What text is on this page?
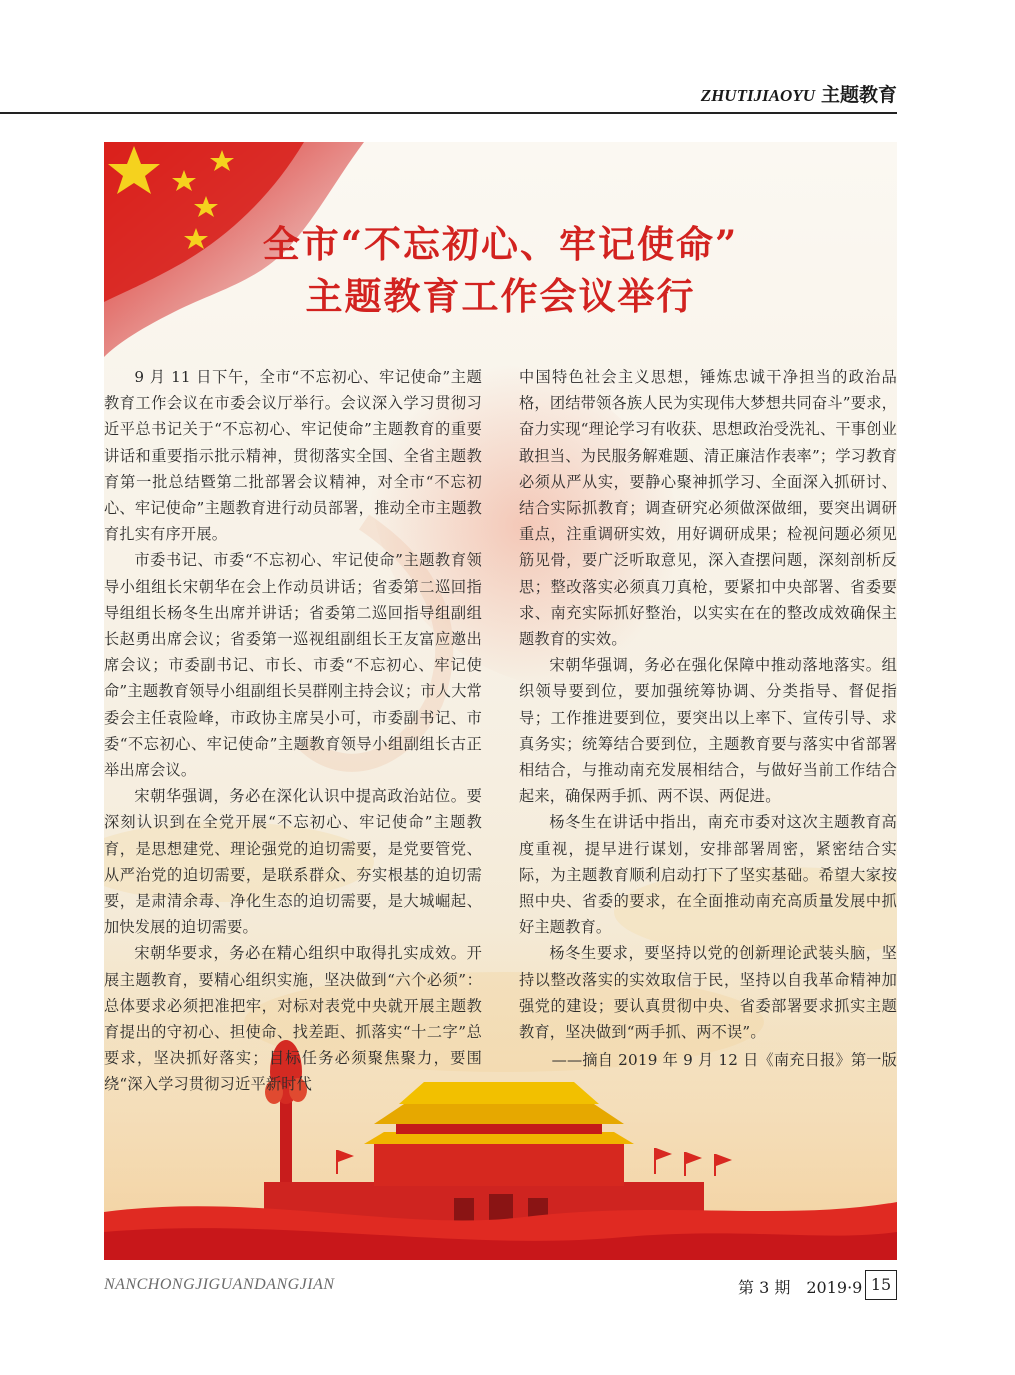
ZHUTIJIAOYU 主题教育
全市“不忘初心、牢记使命”
主题教育工作会议举行

9 月 11 日下午，全市“不忘初心、牢记使命”主题教育工作会议在市委会议厅举行。会议深入学习贯彻习近平总书记关于“不忘初心、牢记使命”主题教育的重要讲话和重要指示批示精神，贯彻落实全国、全省主题教育第一批总结暨第二批部署会议精神，对全市“不忘初心、牢记使命”主题教育进行动员部署，推动全市主题教育扎实有序开展。

市委书记、市委“不忘初心、牢记使命”主题教育领导小组组长宋朝华在会上作动员讲话；省委第二巡回指导组组长杨冬生出席并讲话；省委第二巡回指导组副组长赵勇出席会议；省委第一巡视组副组长王友富应邀出席会议；市委副书记、市长、市委“不忘初心、牢记使命”主题教育领导小组副组长吴群刚主持会议；市人大常委会主任袁险峰，市政协主席吴小可，市委副书记、市委“不忘初心、牢记使命”主题教育领导小组副组长古正举出席会议。

宋朝华强调，务必在深化认识中提高政治站位。要深刻认识到在全党开展“不忘初心、牢记使命”主题教育，是思想建党、理论强党的迫切需要，是党要管党、从严治党的迫切需要，是联系群众、夯实根基的迫切需要，是肃清余毒、净化生态的迫切需要，是大城崛起、加快发展的迫切需要。

宋朝华要求，务必在精心组织中取得扎实成效。开展主题教育，要精心组织实施，坚决做到“六个必须”：总体要求必须把准把牢，对标对表党中央就开展主题教育提出的守初心、担使命、找差距、抓落实“十二字”总要求，坚决抓好落实；目标任务必须聚焦聚力，要围绕“深入学习贯彻习近平新时代

中国特色社会主义思想，锤炼忠诚干净担当的政治品格，团结带领各族人民为实现伟大梦想共同奋斗”要求，奋力实现“理论学习有收获、思想政治受洗礼、干事创业敢担当、为民服务解难题、清正廉洁作表率”；学习教育必须从严从实，要静心聚神抓学习、全面深入抓研讨、结合实际抓教育；调查研究必须做深做细，要突出调研重点，注重调研实效，用好调研成果；检视问题必须见筋见骨，要广泛听取意见，深入查摆问题，深刻剖析反思；整改落实必须真刀真枪，要紧扣中央部署、省委要求、南充实际抓好整治，以实实在在的整改成效确保主题教育的实效。

宋朝华强调，务必在强化保障中推动落地落实。组织领导要到位，要加强统筹协调、分类指导、督促指导；工作推进要到位，要突出以上率下、宣传引导、求真务实；统筹结合要到位，主题教育要与落实中省部署相结合，与推动南充发展相结合，与做好当前工作结合起来，确保两手抓、两不误、两促进。

杨冬生在讲话中指出，南充市委对这次主题教育高度重视，提早进行谋划，安排部署周密，紧密结合实际，为主题教育顺利启动打下了坚实基础。希望大家按照中央、省委的要求，在全面推动南充高质量发展中抓好主题教育。

杨冬生要求，要坚持以党的创新理论武装头脑，坚持以整改落实的实效取信于民，坚持以自我革命精神加强党的建设；要认真贯彻中央、省委部署要求抓实主题教育，坚决做到“两手抓、两不误”。

——摘自 2019 年 9 月 12 日《南充日报》第一版

NANCHONGJIGUANDANGJIAN	第 3 期　2019·9 15
